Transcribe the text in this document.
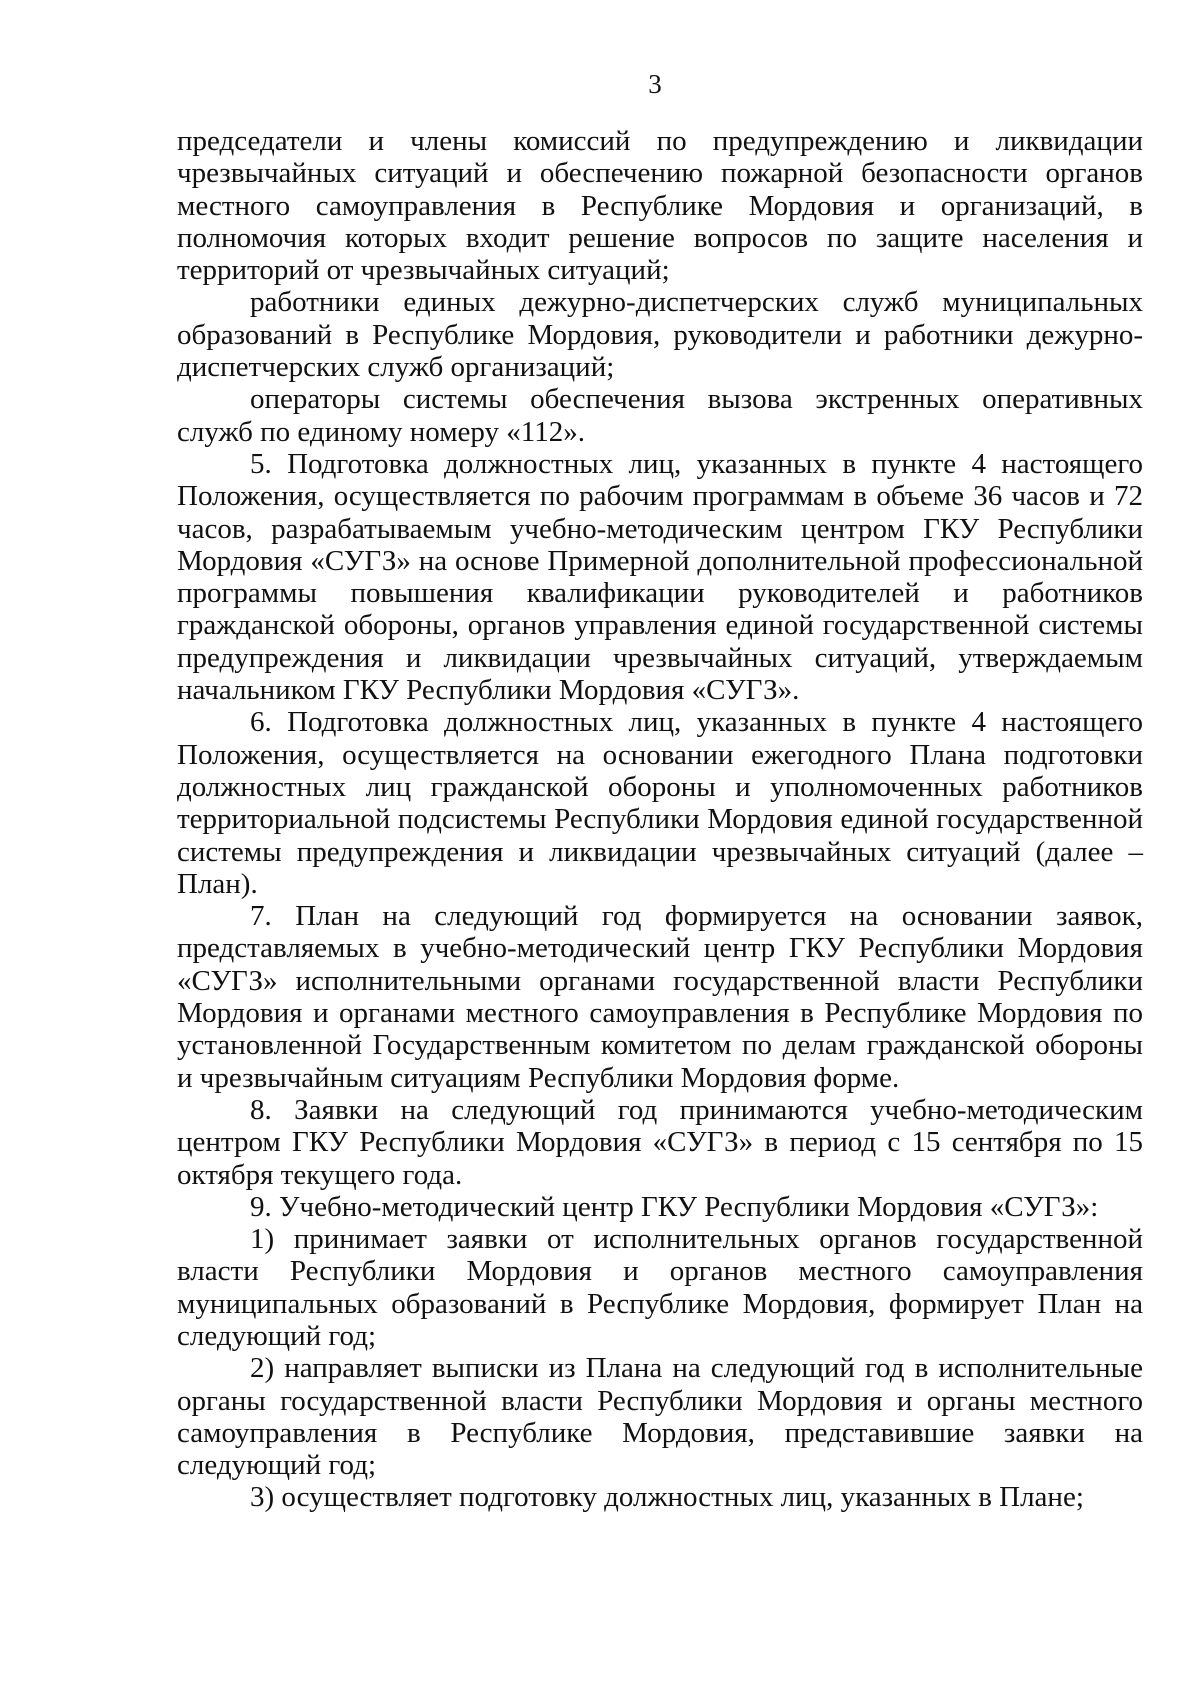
3

председатели и члены комиссий по предупреждению и ликвидации чрезвычайных ситуаций и обеспечению пожарной безопасности органов местного самоуправления в Республике Мордовия и организаций, в полномочия которых входит решение вопросов по защите населения и территорий от чрезвычайных ситуаций;

работники единых дежурно-диспетчерских служб муниципальных образований в Республике Мордовия, руководители и работники дежурно-диспетчерских служб организаций;

операторы системы обеспечения вызова экстренных оперативных служб по единому номеру «112».

5. Подготовка должностных лиц, указанных в пункте 4 настоящего Положения, осуществляется по рабочим программам в объеме 36 часов и 72 часов, разрабатываемым учебно-методическим центром ГКУ Республики Мордовия «СУГЗ» на основе Примерной дополнительной профессиональной программы повышения квалификации руководителей и работников гражданской обороны, органов управления единой государственной системы предупреждения и ликвидации чрезвычайных ситуаций, утверждаемым начальником ГКУ Республики Мордовия «СУГЗ».

6. Подготовка должностных лиц, указанных в пункте 4 настоящего Положения, осуществляется на основании ежегодного Плана подготовки должностных лиц гражданской обороны и уполномоченных работников территориальной подсистемы Республики Мордовия единой государственной системы предупреждения и ликвидации чрезвычайных ситуаций (далее – План).

7. План на следующий год формируется на основании заявок, представляемых в учебно-методический центр ГКУ Республики Мордовия «СУГЗ» исполнительными органами государственной власти Республики Мордовия и органами местного самоуправления в Республике Мордовия по установленной Государственным комитетом по делам гражданской обороны и чрезвычайным ситуациям Республики Мордовия форме.

8. Заявки на следующий год принимаются учебно-методическим центром ГКУ Республики Мордовия «СУГЗ» в период с 15 сентября по 15 октября текущего года.

9. Учебно-методический центр ГКУ Республики Мордовия «СУГЗ»:

1) принимает заявки от исполнительных органов государственной власти Республики Мордовия и органов местного самоуправления муниципальных образований в Республике Мордовия, формирует План на следующий год;

2) направляет выписки из Плана на следующий год в исполнительные органы государственной власти Республики Мордовия и органы местного самоуправления в Республике Мордовия, представившие заявки на следующий год;

3) осуществляет подготовку должностных лиц, указанных в Плане;
